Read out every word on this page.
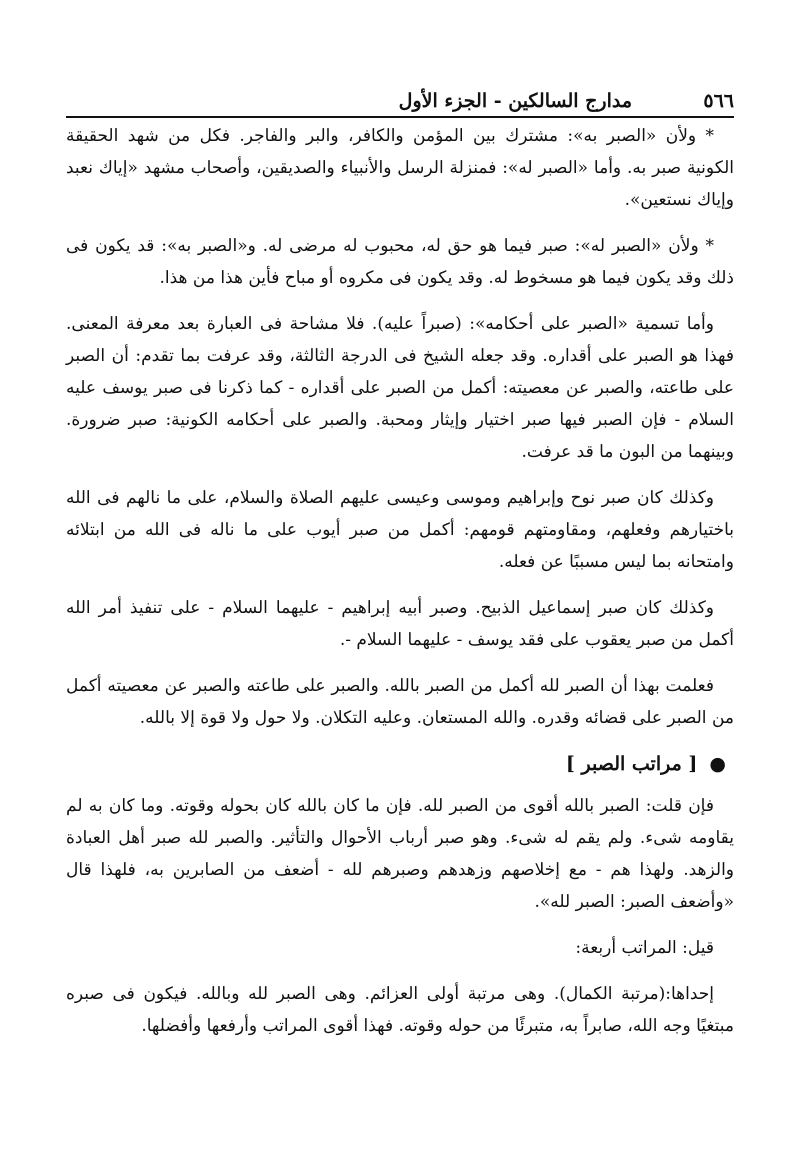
٥٦٦
مدارج السالكين - الجزء الأول

* ولأن «الصبر به»: مشترك بين المؤمن والكافر، والبر والفاجر. فكل من شهد الحقيقة الكونية صبر به. وأما «الصبر له»: فمنزلة الرسل والأنبياء والصديقين، وأصحاب مشهد «إياك نعبد وإياك نستعين».

* ولأن «الصبر له»: صبر فيما هو حق له، محبوب له مرضى له. و«الصبر به»: قد يكون فى ذلك وقد يكون فيما هو مسخوط له. وقد يكون فى مكروه أو مباح فأين هذا من هذا.

وأما تسمية «الصبر على أحكامه»: (صبراً عليه). فلا مشاحة فى العبارة بعد معرفة المعنى. فهذا هو الصبر على أقداره. وقد جعله الشيخ فى الدرجة الثالثة، وقد عرفت بما تقدم: أن الصبر على طاعته، والصبر عن معصيته: أكمل من الصبر على أقداره - كما ذكرنا فى صبر يوسف عليه السلام - فإن الصبر فيها صبر اختيار وإيثار ومحبة. والصبر على أحكامه الكونية: صبر ضرورة. وبينهما من البون ما قد عرفت.

وكذلك كان صبر نوح وإبراهيم وموسى وعيسى عليهم الصلاة والسلام، على ما نالهم فى الله باختيارهم وفعلهم، ومقاومتهم قومهم: أكمل من صبر أيوب على ما ناله فى الله من ابتلائه وامتحانه بما ليس مسببًا عن فعله.

وكذلك كان صبر إسماعيل الذبيح. وصبر أبيه إبراهيم - عليهما السلام - على تنفيذ أمر الله أكمل من صبر يعقوب على فقد يوسف - عليهما السلام -.

فعلمت بهذا أن الصبر لله أكمل من الصبر بالله. والصبر على طاعته والصبر عن معصيته أكمل من الصبر على قضائه وقدره. والله المستعان. وعليه التكلان. ولا حول ولا قوة إلا بالله.

●[ مراتب الصبر ]

فإن قلت: الصبر بالله أقوى من الصبر لله. فإن ما كان بالله كان بحوله وقوته. وما كان به لم يقاومه شىء. ولم يقم له شىء. وهو صبر أرباب الأحوال والتأثير. والصبر لله صبر أهل العبادة والزهد. ولهذا هم - مع إخلاصهم وزهدهم وصبرهم لله - أضعف من الصابرين به، فلهذا قال «وأضعف الصبر: الصبر لله».

قيل: المراتب أربعة:

إحداها:(مرتبة الكمال). وهى مرتبة أولى العزائم. وهى الصبر لله وبالله. فيكون فى صبره مبتغيًا وجه الله، صابراً به، متبرئًا من حوله وقوته. فهذا أقوى المراتب وأرفعها وأفضلها.
